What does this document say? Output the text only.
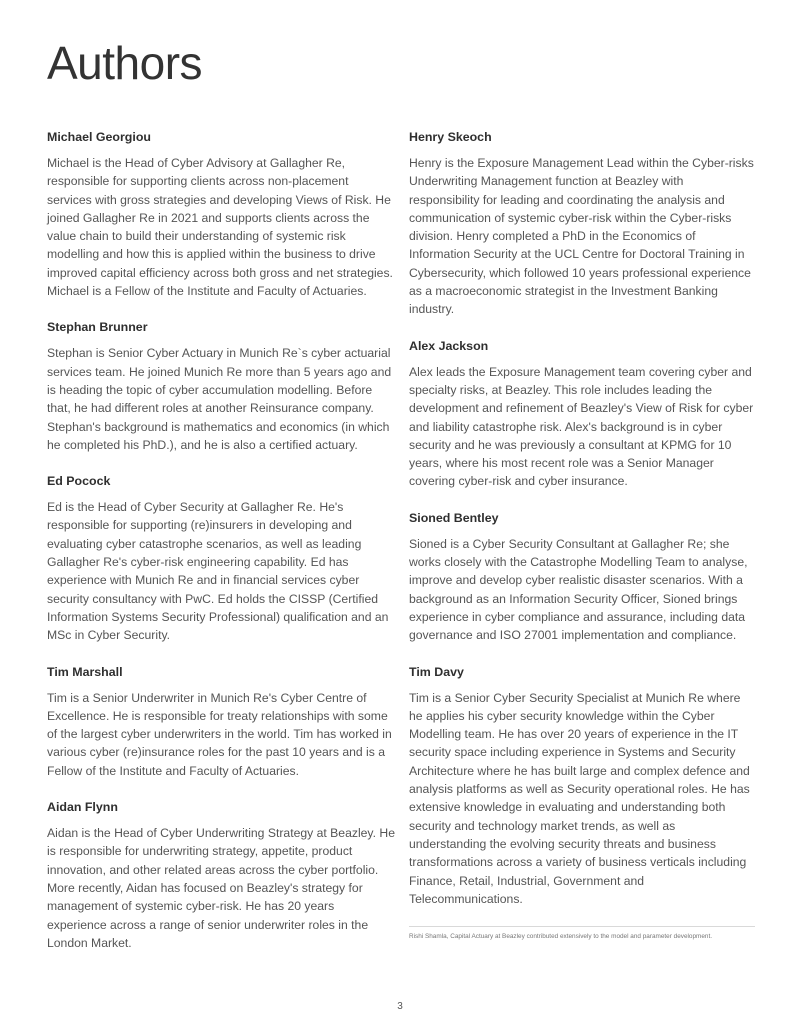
Authors
Michael Georgiou

Michael is the Head of Cyber Advisory at Gallagher Re, responsible for supporting clients across non-placement services with gross strategies and developing Views of Risk. He joined Gallagher Re in 2021 and supports clients across the value chain to build their understanding of systemic risk modelling and how this is applied within the business to drive improved capital efficiency across both gross and net strategies. Michael is a Fellow of the Institute and Faculty of Actuaries.

Stephan Brunner

Stephan is Senior Cyber Actuary in Munich Re`s cyber actuarial services team. He joined Munich Re more than 5 years ago and is heading the topic of cyber accumulation modelling. Before that, he had different roles at another Reinsurance company. Stephan's background is mathematics and economics (in which he completed his PhD.), and he is also a certified actuary.

Ed Pocock

Ed is the Head of Cyber Security at Gallagher Re. He's responsible for supporting (re)insurers in developing and evaluating cyber catastrophe scenarios, as well as leading Gallagher Re's cyber-risk engineering capability. Ed has experience with Munich Re and in financial services cyber security consultancy with PwC. Ed holds the CISSP (Certified Information Systems Security Professional) qualification and an MSc in Cyber Security.

Tim Marshall

Tim is a Senior Underwriter in Munich Re's Cyber Centre of Excellence. He is responsible for treaty relationships with some of the largest cyber underwriters in the world. Tim has worked in various cyber (re)insurance roles for the past 10 years and is a Fellow of the Institute and Faculty of Actuaries.

Aidan Flynn

Aidan is the Head of Cyber Underwriting Strategy at Beazley. He is responsible for underwriting strategy, appetite, product innovation, and other related areas across the cyber portfolio. More recently, Aidan has focused on Beazley's strategy for management of systemic cyber-risk. He has 20 years experience across a range of senior underwriter roles in the London Market.

Henry Skeoch

Henry is the Exposure Management Lead within the Cyber-risks Underwriting Management function at Beazley with responsibility for leading and coordinating the analysis and communication of systemic cyber-risk within the Cyber-risks division. Henry completed a PhD in the Economics of Information Security at the UCL Centre for Doctoral Training in Cybersecurity, which followed 10 years professional experience as a macroeconomic strategist in the Investment Banking industry.

Alex Jackson

Alex leads the Exposure Management team covering cyber and specialty risks, at Beazley. This role includes leading the development and refinement of Beazley's View of Risk for cyber and liability catastrophe risk. Alex's background is in cyber security and he was previously a consultant at KPMG for 10 years, where his most recent role was a Senior Manager covering cyber-risk and cyber insurance.

Sioned Bentley

Sioned is a Cyber Security Consultant at Gallagher Re; she works closely with the Catastrophe Modelling Team to analyse, improve and develop cyber realistic disaster scenarios. With a background as an Information Security Officer, Sioned brings experience in cyber compliance and assurance, including data governance and ISO 27001 implementation and compliance.

Tim Davy

Tim is a Senior Cyber Security Specialist at Munich Re where he applies his cyber security knowledge within the Cyber Modelling team. He has over 20 years of experience in the IT security space including experience in Systems and Security Architecture where he has built large and complex defence and analysis platforms as well as Security operational roles. He has extensive knowledge in evaluating and understanding both security and technology market trends, as well as understanding the evolving security threats and business transformations across a variety of business verticals including Finance, Retail, Industrial, Government and Telecommunications.

Rishi Shamla, Capital Actuary at Beazley contributed extensively to the model and parameter development.
3
